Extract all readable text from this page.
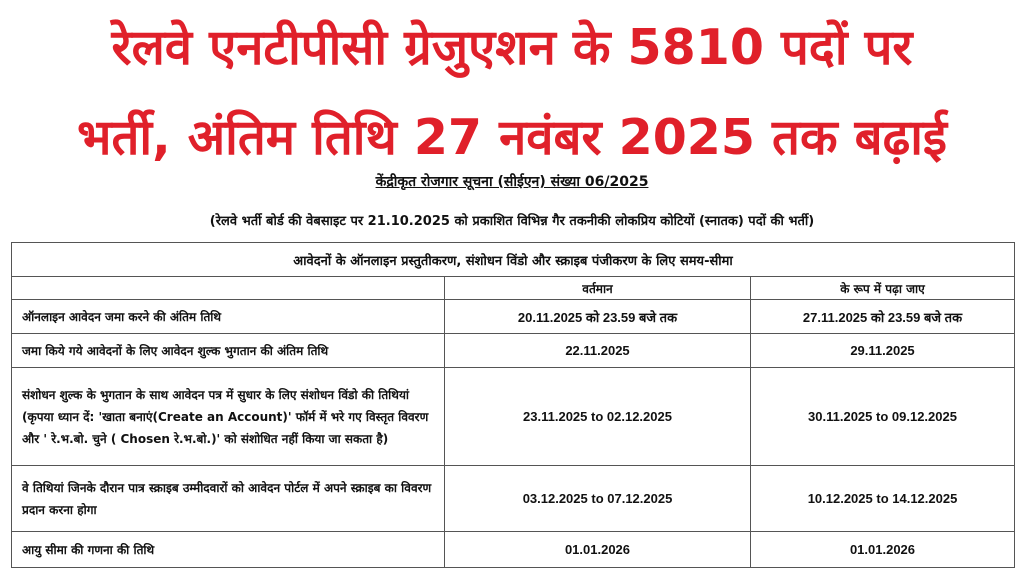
रेलवे एनटीपीसी ग्रेजुएशन के 5810 पदों पर
भर्ती, अंतिम तिथि 27 नवंबर 2025 तक बढ़ाई
केंद्रीकृत रोजगार सूचना (सीईएन) संख्या 06/2025
(रेलवे भर्ती बोर्ड की वेबसाइट पर 21.10.2025 को प्रकाशित विभिन्न गैर तकनीकी लोकप्रिय कोटियों (स्नातक) पदों की भर्ती)
आवेदनों के ऑनलाइन प्रस्तुतीकरण, संशोधन विंडो और स्क्राइब पंजीकरण के लिए समय-सीमा		
	वर्तमान	के रूप में पढ़ा जाए
ऑनलाइन आवेदन जमा करने की अंतिम तिथि	20.11.2025 को 23.59 बजे तक	27.11.2025 को 23.59 बजे तक
जमा किये गये आवेदनों के लिए आवेदन शुल्क भुगतान की अंतिम तिथि	22.11.2025	29.11.2025
संशोधन शुल्क के भुगतान के साथ आवेदन पत्र में सुधार के लिए संशोधन विंडो की तिथियां (कृपया ध्यान दें: 'खाता बनाएं(Create an Account)' फॉर्म में भरे गए विस्तृत विवरण और ' रे.भ.बो. चुने ( Chosen रे.भ.बो.)' को संशोधित नहीं किया जा सकता है)	23.11.2025 to 02.12.2025	30.11.2025 to 09.12.2025
वे तिथियां जिनके दौरान पात्र स्क्राइब उम्मीदवारों को आवेदन पोर्टल में अपने स्क्राइब का विवरण प्रदान करना होगा	03.12.2025 to 07.12.2025	10.12.2025 to 14.12.2025
आयु सीमा की गणना की तिथि	01.01.2026	01.01.2026
